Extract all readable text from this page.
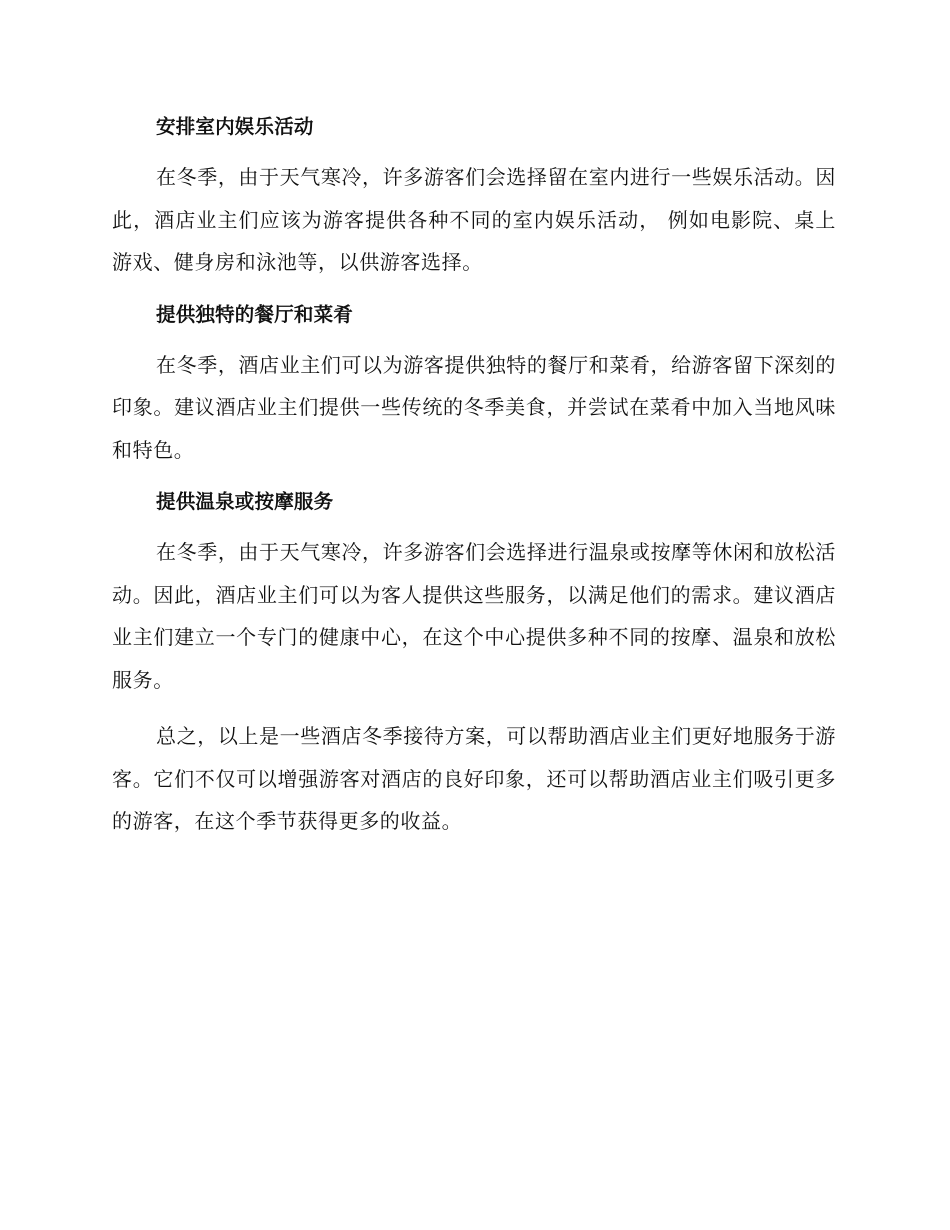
安排室内娱乐活动

在冬季，由于天气寒冷，许多游客们会选择留在室内进行一些娱乐活动。因此，酒店业主们应该为游客提供各种不同的室内娱乐活动， 例如电影院、桌上游戏、健身房和泳池等，以供游客选择。

提供独特的餐厅和菜肴

在冬季，酒店业主们可以为游客提供独特的餐厅和菜肴，给游客留下深刻的印象。建议酒店业主们提供一些传统的冬季美食，并尝试在菜肴中加入当地风味和特色。

提供温泉或按摩服务

在冬季，由于天气寒冷，许多游客们会选择进行温泉或按摩等休闲和放松活动。因此，酒店业主们可以为客人提供这些服务，以满足他们的需求。建议酒店业主们建立一个专门的健康中心，在这个中心提供多种不同的按摩、温泉和放松服务。

总之，以上是一些酒店冬季接待方案，可以帮助酒店业主们更好地服务于游客。它们不仅可以增强游客对酒店的良好印象，还可以帮助酒店业主们吸引更多的游客，在这个季节获得更多的收益。
